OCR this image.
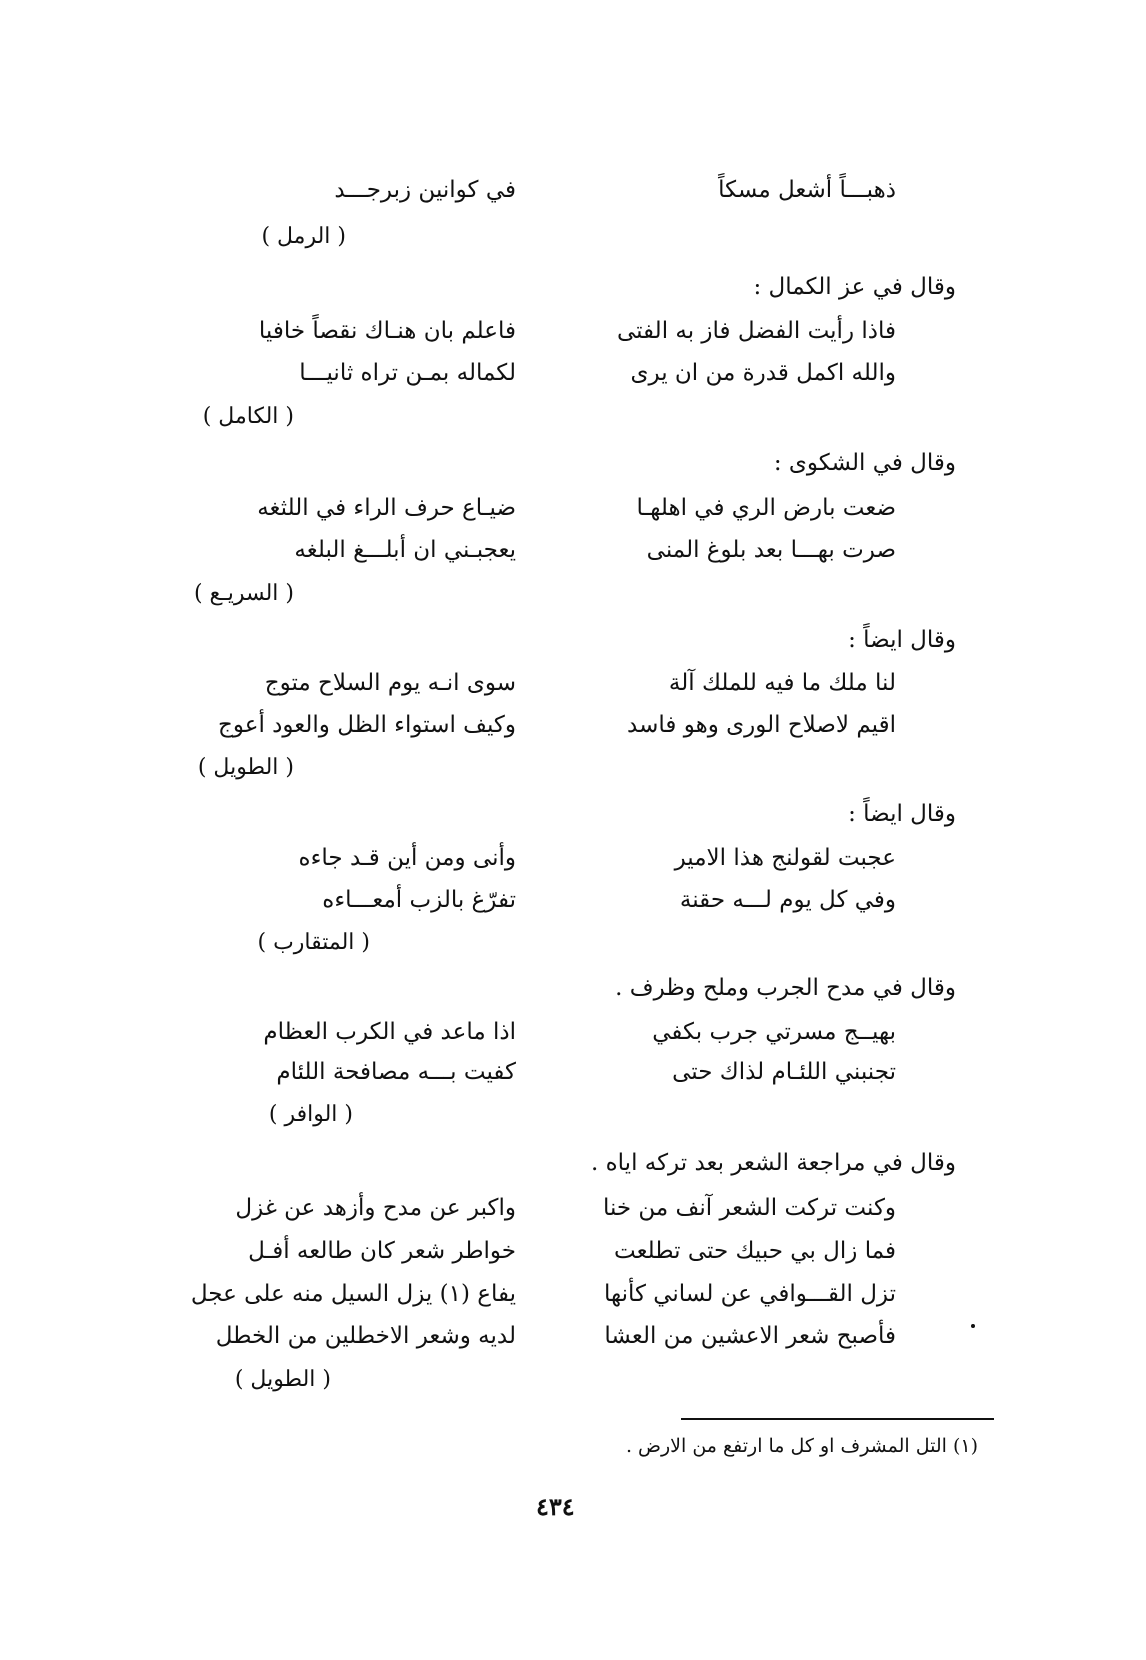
ذهبـــاً أشعل مسكاً
في كوانين زبرجـــد
( الرمل )
وقال في عز الكمال :
فاذا رأيت الفضل فاز به الفتى
فاعلم بان هنـاك نقصاً خافيا
والله اكمل قدرة من ان يرى
لكماله بمـن تراه ثانيـــا
( الكامل )
وقال في الشكوى :
ضعت بارض الري في اهلهـا
ضيـاع حرف الراء في اللثغه
صرت بهـــا بعد بلوغ المنى
يعجبـني ان أبلـــغ البلغه
( السريـع )
وقال ايضاً :
لنا ملك ما فيه للملك آلة
سوى انـه يوم السلاح متوج
اقيم لاصلاح الورى وهو فاسد
وكيف استواء الظل والعود أعوج
( الطويل )
وقال ايضاً :
عجبت لقولنج هذا الامير
وأنى ومن أين قـد جاءه
وفي كل يوم لـــه حقنة
تفرّغ بالزب أمعـــاءه
( المتقارب )
وقال في مدح الجرب وملح وظرف .
بهيــج مسرتي جرب بكفي
اذا ماعد في الكرب العظام
تجنبني اللئـام لذاك حتى
كفيت بـــه مصافحة اللئام
( الوافر )
وقال في مراجعة الشعر بعد تركه اياه .
وكنت تركت الشعر آنف من خنا
واكبر عن مدح وأزهد عن غزل
فما زال بي حبيك حتى تطلعت
خواطر شعر كان طالعه أفـل
تزل القـــوافي عن لساني كأنها
يفاع (١) يزل السيل منه على عجل
فأصبح شعر الاعشين من العشا
لديه وشعر الاخطلين من الخطل
( الطويل )
(١) التل المشرف او كل ما ارتفع من الارض .
٤٣٤
